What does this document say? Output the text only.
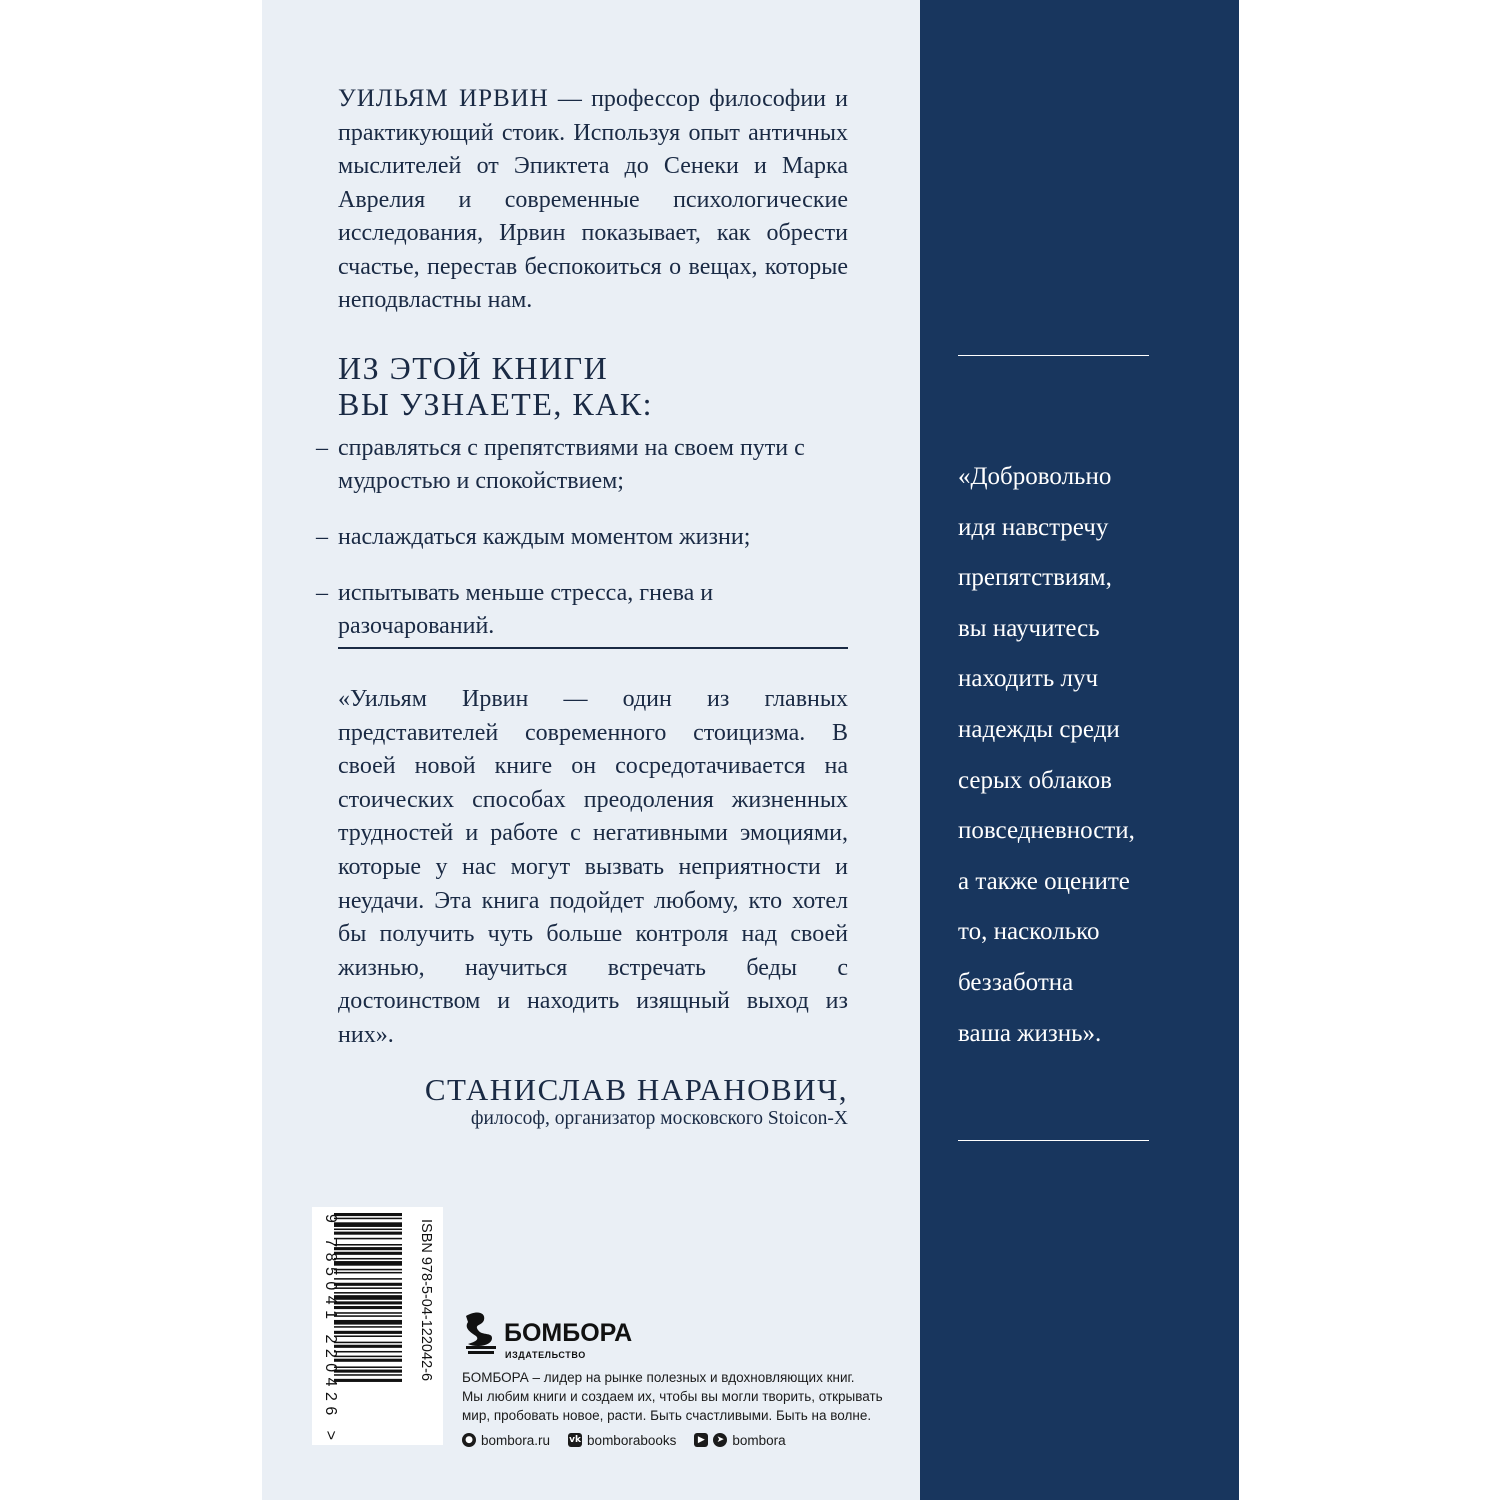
УИЛЬЯМ ИРВИН — профессор философии и практикующий стоик. Используя опыт античных мыслителей от Эпиктета до Сенеки и Марка Аврелия и современные психологические исследования, Ирвин показывает, как обрести счастье, перестав беспокоиться о вещах, которые неподвластны нам.

ИЗ ЭТОЙ КНИГИ
ВЫ УЗНАЕТЕ, КАК:
– справляться с препятствиями на своем пути с мудростью и спокойствием;
– наслаждаться каждым моментом жизни;
– испытывать меньше стресса, гнева и разочарований.

«Уильям Ирвин — один из главных представителей современного стоицизма. В своей новой книге он сосредотачивается на стоических способах преодоления жизненных трудностей и работе с негативными эмоциями, которые у нас могут вызвать неприятности и неудачи. Эта книга подойдет любому, кто хотел бы получить чуть больше контроля над своей жизнью, научиться встречать беды с достоинством и находить изящный выход из них».

СТАНИСЛАВ НАРАНОВИЧ,

философ, организатор московского Stoicon-X

ISBN 978-5-04-122042-6
9 785041 220426 >
БОМБОРА
ИЗДАТЕЛЬСТВО

БОМБОРА – лидер на рынке полезных и вдохновляющих книг.
Мы любим книги и создаем их, чтобы вы могли творить, открывать
мир, пробовать новое, расти. Быть счастливыми. Быть на волне.

● bombora.ru vk bomborabooks	▶	➤ bombora

«Добровольно
идя навстречу
препятствиям,
вы научитесь
находить луч
надежды среди
серых облаков
повседневности,
а также оцените
то, насколько
беззаботна
ваша жизнь».
